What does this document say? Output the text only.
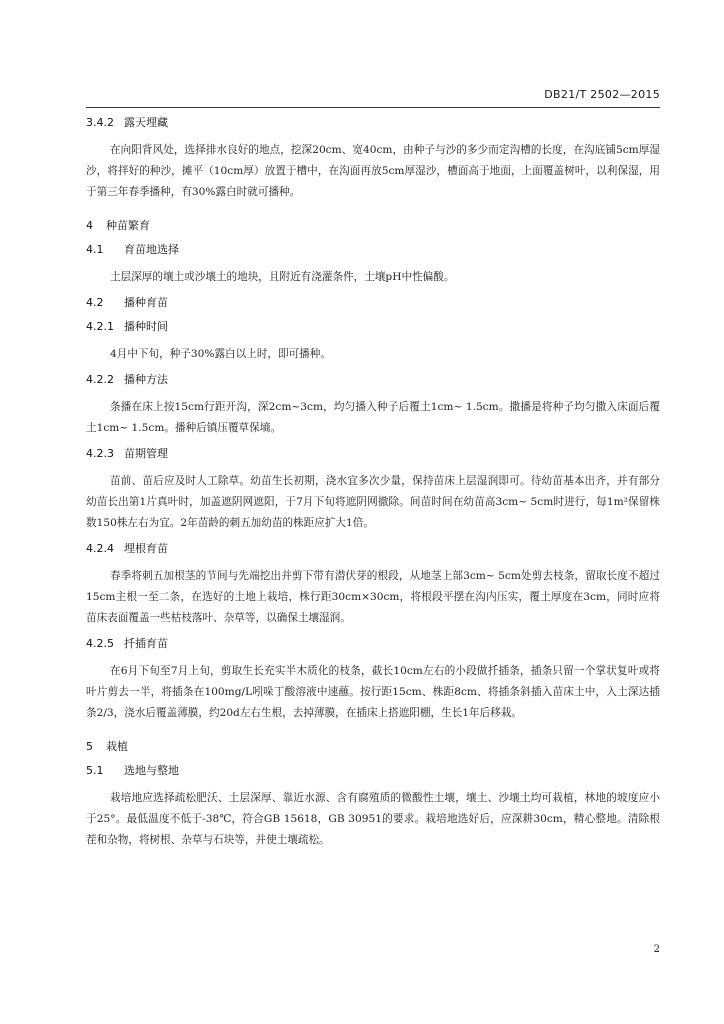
DB21/T 2502—2015
3.4.2 露天埋藏

在向阳背风处，选择排水良好的地点，挖深20cm、宽40cm，由种子与沙的多少而定沟槽的长度，在沟底铺5cm厚湿沙，将拌好的种沙，摊平（10cm厚）放置于槽中，在沟面再放5cm厚湿沙，槽面高于地面，上面覆盖树叶，以利保湿，用于第三年春季播种，有30%露白时就可播种。

4	种苗繁育
4.1	育苗地选择

土层深厚的壤土或沙壤土的地块，且附近有浇灌条件，土壤pH中性偏酸。

4.2	播种育苗
4.2.1 播种时间

4月中下旬，种子30%露白以上时，即可播种。

4.2.2 播种方法

条播在床上按15cm行距开沟，深2cm~3cm，均匀播入种子后覆土1cm~ 1.5cm。撒播是将种子均匀撒入床面后覆土1cm~ 1.5cm。播种后镇压覆草保墒。

4.2.3 苗期管理

苗前、苗后应及时人工除草。幼苗生长初期，浇水宜多次少量，保持苗床上层湿润即可。待幼苗基本出齐，并有部分幼苗长出第1片真叶时，加盖遮阴网遮阳，于7月下旬将遮阴网撤除。间苗时间在幼苗高3cm~ 5cm时进行，每1m²保留株数150株左右为宜。2年苗龄的刺五加幼苗的株距应扩大1倍。

4.2.4 埋根育苗

春季将刺五加根茎的节间与先端挖出并剪下带有潜伏芽的根段，从地茎上部3cm~ 5cm处剪去枝条，留取长度不超过15cm主根一至二条，在选好的土地上栽培，株行距30cm×30cm，将根段平摆在沟内压实，覆土厚度在3cm，同时应将苗床表面覆盖一些枯枝落叶、杂草等，以确保土壤湿润。

4.2.5 扦插育苗

在6月下旬至7月上旬，剪取生长充实半木质化的枝条，截长10cm左右的小段做扦插条，插条只留一个掌状复叶或将叶片剪去一半，将插条在100mg/L吲哚丁酸溶液中速蘸。按行距15cm、株距8cm、将插条斜插入苗床土中，入土深达插条2/3，浇水后覆盖薄膜，约20d左右生根，去掉薄膜，在插床上搭遮阳棚，生长1年后移栽。

5	栽植
5.1	选地与整地

栽培地应选择疏松肥沃、土层深厚、靠近水源、含有腐殖质的微酸性土壤，壤土、沙壤土均可栽植，林地的坡度应小于25°。最低温度不低于-38℃，符合GB 15618，GB 30951的要求。栽培地选好后，应深耕30cm，精心整地。清除根茬和杂物，将树根、杂草与石块等，并使土壤疏松。

2
